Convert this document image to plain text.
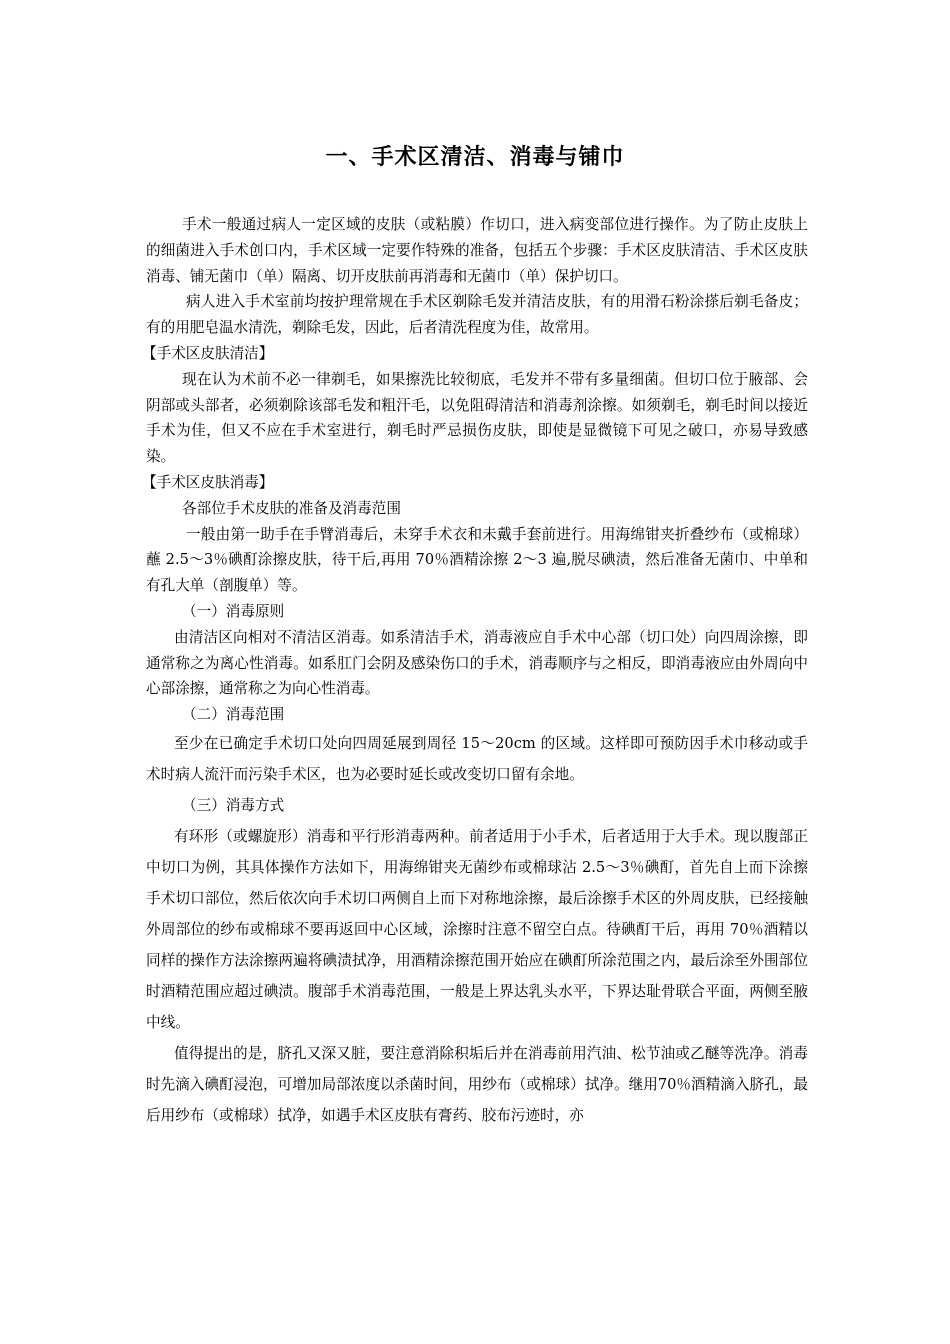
一、手术区清洁、消毒与铺巾

手术一般通过病人一定区域的皮肤（或粘膜）作切口，进入病变部位进行操作。为了防止皮肤上的细菌进入手术创口内，手术区域一定要作特殊的准备，包括五个步骤：手术区皮肤清洁、手术区皮肤消毒、铺无菌巾（单）隔离、切开皮肤前再消毒和无菌巾（单）保护切口。

病人进入手术室前均按护理常规在手术区剃除毛发并清洁皮肤，有的用滑石粉涂搽后剃毛备皮；有的用肥皂温水清洗，剃除毛发，因此，后者清洗程度为佳，故常用。

【手术区皮肤清洁】

现在认为术前不必一律剃毛，如果擦洗比较彻底，毛发并不带有多量细菌。但切口位于腋部、会阴部或头部者，必须剃除该部毛发和粗汗毛，以免阻碍清洁和消毒剂涂擦。如须剃毛，剃毛时间以接近手术为佳，但又不应在手术室进行，剃毛时严忌损伤皮肤，即使是显微镜下可见之破口，亦易导致感染。

【手术区皮肤消毒】

各部位手术皮肤的准备及消毒范围

一般由第一助手在手臂消毒后，未穿手术衣和未戴手套前进行。用海绵钳夹折叠纱布（或棉球）蘸 2.5～3％碘酊涂擦皮肤，待干后,再用 70％酒精涂擦 2～3 遍,脱尽碘渍，然后准备无菌巾、中单和有孔大单（剖腹单）等。

（一）消毒原则

由清洁区向相对不清洁区消毒。如系清洁手术，消毒液应自手术中心部（切口处）向四周涂擦，即通常称之为离心性消毒。如系肛门会阴及感染伤口的手术，消毒顺序与之相反，即消毒液应由外周向中心部涂擦，通常称之为向心性消毒。

（二）消毒范围

至少在已确定手术切口处向四周延展到周径 15～20cm 的区域。这样即可预防因手术巾移动或手术时病人流汗而污染手术区，也为必要时延长或改变切口留有余地。

（三）消毒方式

有环形（或螺旋形）消毒和平行形消毒两种。前者适用于小手术，后者适用于大手术。现以腹部正中切口为例，其具体操作方法如下，用海绵钳夹无菌纱布或棉球沾 2.5～3％碘酊，首先自上而下涂擦手术切口部位，然后依次向手术切口两侧自上而下对称地涂擦，最后涂擦手术区的外周皮肤，已经接触外周部位的纱布或棉球不要再返回中心区域，涂擦时注意不留空白点。待碘酊干后，再用 70％酒精以同样的操作方法涂擦两遍将碘渍拭净，用酒精涂擦范围开始应在碘酊所涂范围之内，最后涂至外围部位时酒精范围应超过碘渍。腹部手术消毒范围，一般是上界达乳头水平，下界达耻骨联合平面，两侧至腋中线。

值得提出的是，脐孔又深又脏，要注意消除积垢后并在消毒前用汽油、松节油或乙醚等洗净。消毒时先滴入碘酊浸泡，可增加局部浓度以杀菌时间，用纱布（或棉球）拭净。继用70％酒精滴入脐孔，最后用纱布（或棉球）拭净，如遇手术区皮肤有膏药、胶布污迹时，亦
